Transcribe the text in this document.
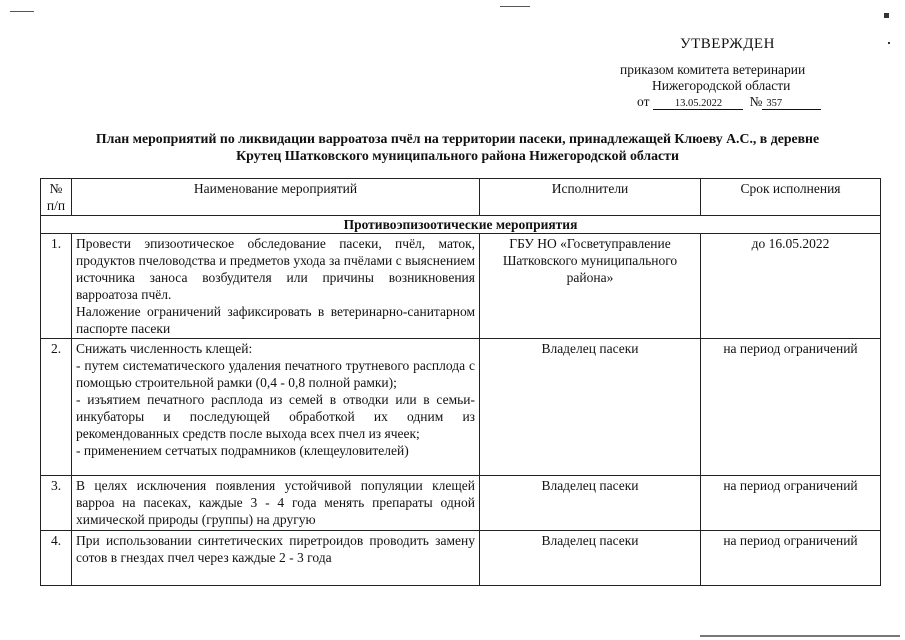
УТВЕРЖДЕН
приказом комитета ветеринарии
Нижегородской области
от 13.05.2022 № 357
План мероприятий по ликвидации варроатоза пчёл на территории пасеки, принадлежащей Клюеву А.С., в деревне
Крутец Шатковского муниципального района Нижегородской области
№
п/п	Наименование мероприятий	Исполнители	Срок исполнения
Противоэпизоотические мероприятия			
1.	Провести эпизоотическое обследование пасеки, пчёл, маток, продуктов пчеловодства и предметов ухода за пчёлами с выяснением источника заноса возбудителя или причины возникновения варроатоза пчёл.
Наложение ограничений зафиксировать в ветеринарно-санитарном паспорте пасеки	ГБУ НО «Госветуправление Шатковского муниципального района»	до 16.05.2022
2.	Снижать численность клещей:
- путем систематического удаления печатного трутневого расплода с помощью строительной рамки (0,4 - 0,8 полной рамки);
- изъятием печатного расплода из семей в отводки или в семьи-инкубаторы и последующей обработкой их одним из рекомендованных средств после выхода всех пчел из ячеек;
- применением сетчатых подрамников (клещеуловителей)	Владелец пасеки	на период ограничений
3.	В целях исключения появления устойчивой популяции клещей варроа на пасеках, каждые 3 - 4 года менять препараты одной химической природы (группы) на другую	Владелец пасеки	на период ограничений
4.	При использовании синтетических пиретроидов проводить замену сотов в гнездах пчел через каждые 2 - 3 года	Владелец пасеки	на период ограничений
